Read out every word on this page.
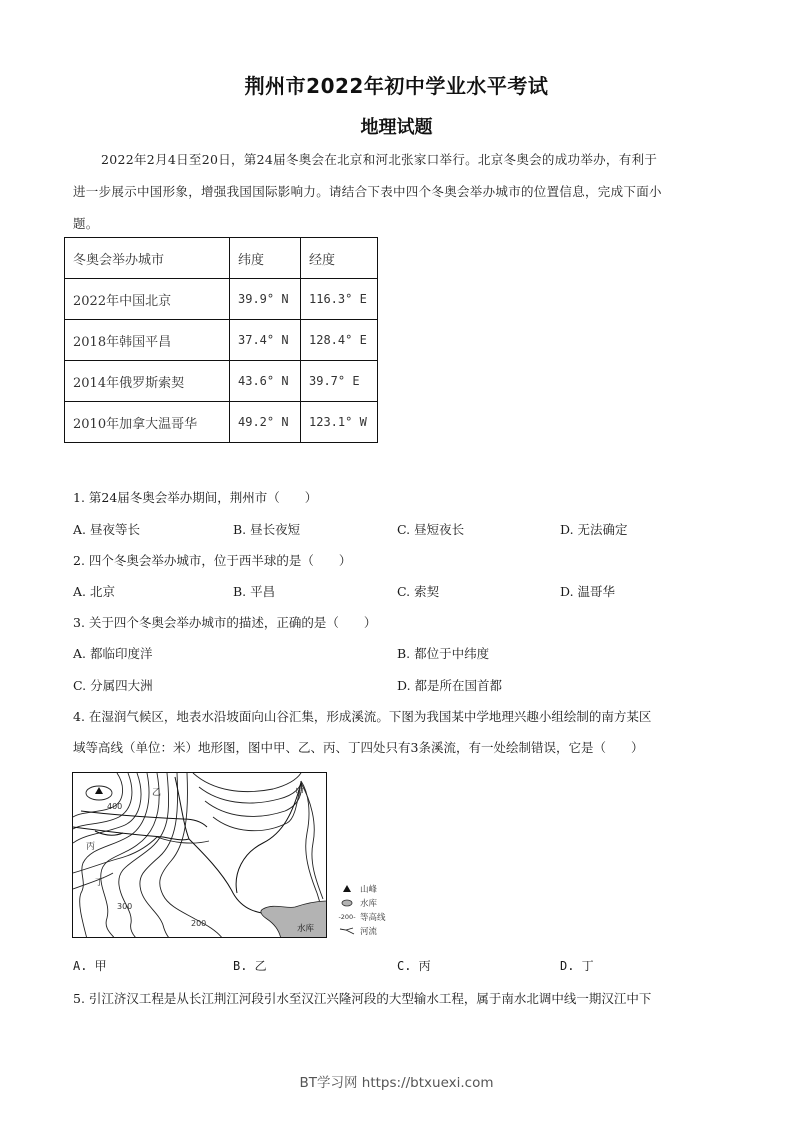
荆州市2022年初中学业水平考试
地理试题
2022年2月4日至20日，第24届冬奥会在北京和河北张家口举行。北京冬奥会的成功举办，有利于
进一步展示中国形象，增强我国国际影响力。请结合下表中四个冬奥会举办城市的位置信息，完成下面小
题。
冬奥会举办城市	纬度	经度
2022年中国北京	39.9° N	116.3° E
2018年韩国平昌	37.4° N	128.4° E
2014年俄罗斯索契	43.6° N	39.7° E
2010年加拿大温哥华	49.2° N	123.1° W
1. 第24届冬奥会举办期间，荆州市（　　）
A. 昼夜等长	B. 昼长夜短	C. 昼短夜长	D. 无法确定
2. 四个冬奥会举办城市，位于西半球的是（　　）
A. 北京	B. 平昌	C. 索契	D. 温哥华
3. 关于四个冬奥会举办城市的描述，正确的是（　　）
A. 都临印度洋	B. 都位于中纬度
C. 分属四大洲	D. 都是所在国首都
4. 在湿润气候区，地表水沿坡面向山谷汇集，形成溪流。下图为我国某中学地理兴趣小组绘制的南方某区
域等高线（单位：米）地形图，图中甲、乙、丙、丁四处只有3条溪流，有一处绘制错误，它是（　　）
400
300
200
水库
乙	甲
丙
丁
山峰
水库
-200- 等高线
河流
A. 甲	B. 乙	C. 丙	D. 丁
5. 引江济汉工程是从长江荆江河段引水至汉江兴隆河段的大型输水工程，属于南水北调中线一期汉江中下
BT学习网 https://btxuexi.com
